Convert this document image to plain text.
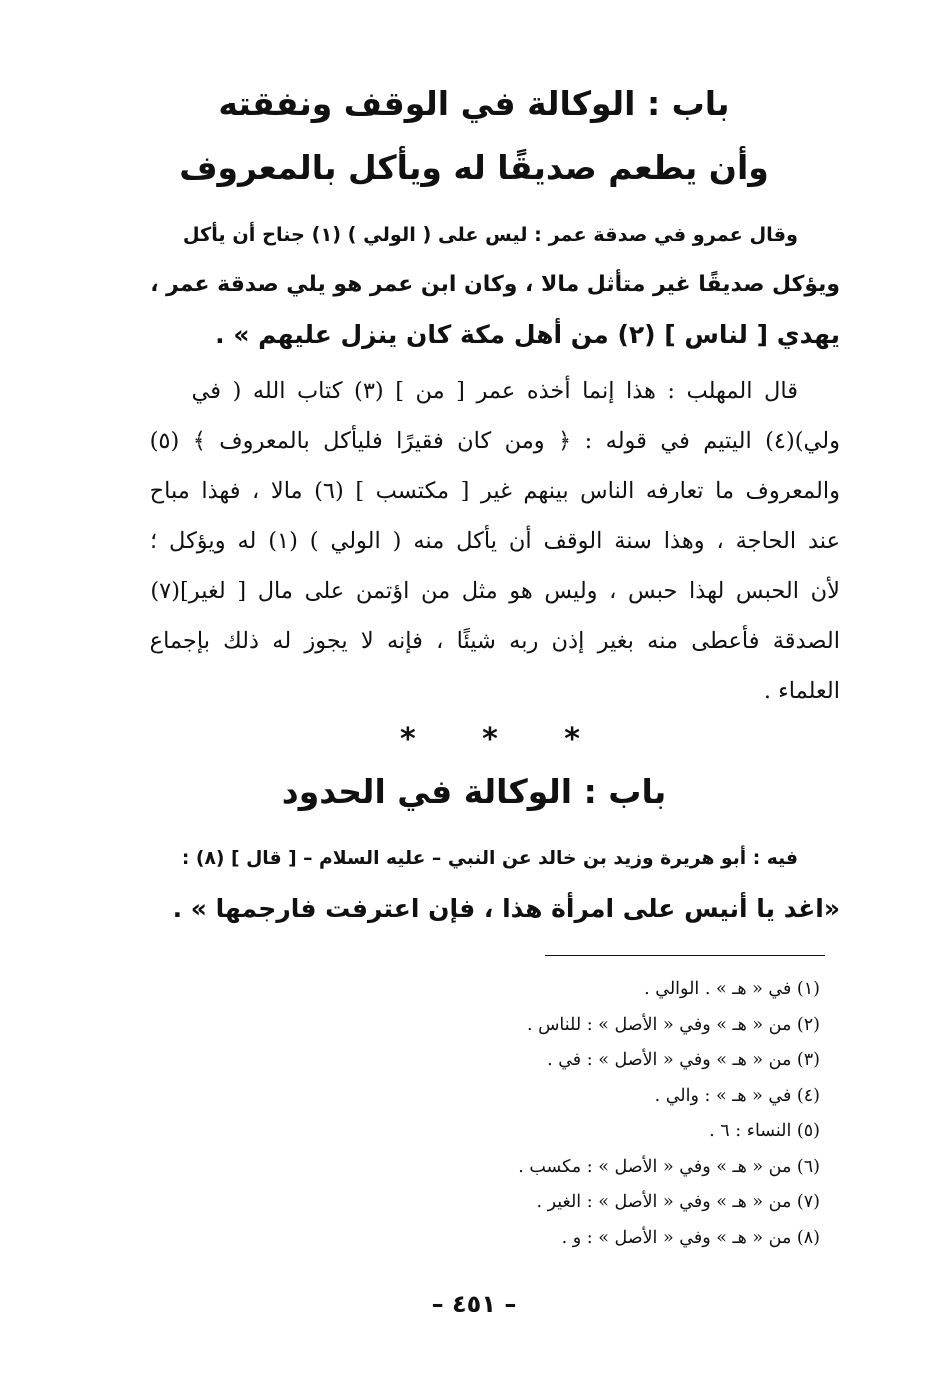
باب : الوكالة في الوقف ونفقته
وأن يطعم صديقًا له ويأكل بالمعروف
وقال عمرو في صدقة عمر : ليس على ( الولي ) (١) جناح أن يأكل
ويؤكل صديقًا غير متأثل مالا ، وكان ابن عمر هو يلي صدقة عمر ،
يهدي [ لناس ] (٢) من أهل مكة كان ينزل عليهم » .
قال المهلب : هذا إنما أخذه عمر [ من ] (٣) كتاب الله ( في
ولي)(٤) اليتيم في قوله : ﴿ ومن كان فقيرًا فليأكل بالمعروف ﴾ (٥)
والمعروف ما تعارفه الناس بينهم غير [ مكتسب ] (٦) مالا ، فهذا مباح
عند الحاجة ، وهذا سنة الوقف أن يأكل منه ( الولي ) (١) له ويؤكل ؛
لأن الحبس لهذا حبس ، وليس هو مثل من اؤتمن على مال [ لغير](٧)
الصدقة فأعطى منه بغير إذن ربه شيئًا ، فإنه لا يجوز له ذلك بإجماع
العلماء .
*
*
*
باب : الوكالة في الحدود
فيه : أبو هريرة وزيد بن خالد عن النبي – عليه السلام – [ قال ] (٨) :
«اغد يا أنيس على امرأة هذا ، فإن اعترفت فارجمها » .
(١) في « هـ » . الوالي .
(٢) من « هـ » وفي « الأصل » : للناس .
(٣) من « هـ » وفي « الأصل » : في .
(٤) في « هـ » : والي .
(٥) النساء : ٦ .
(٦) من « هـ » وفي « الأصل » : مكسب .
(٧) من « هـ » وفي « الأصل » : الغير .
(٨) من « هـ » وفي « الأصل » : و .
– ٤٥١ –
